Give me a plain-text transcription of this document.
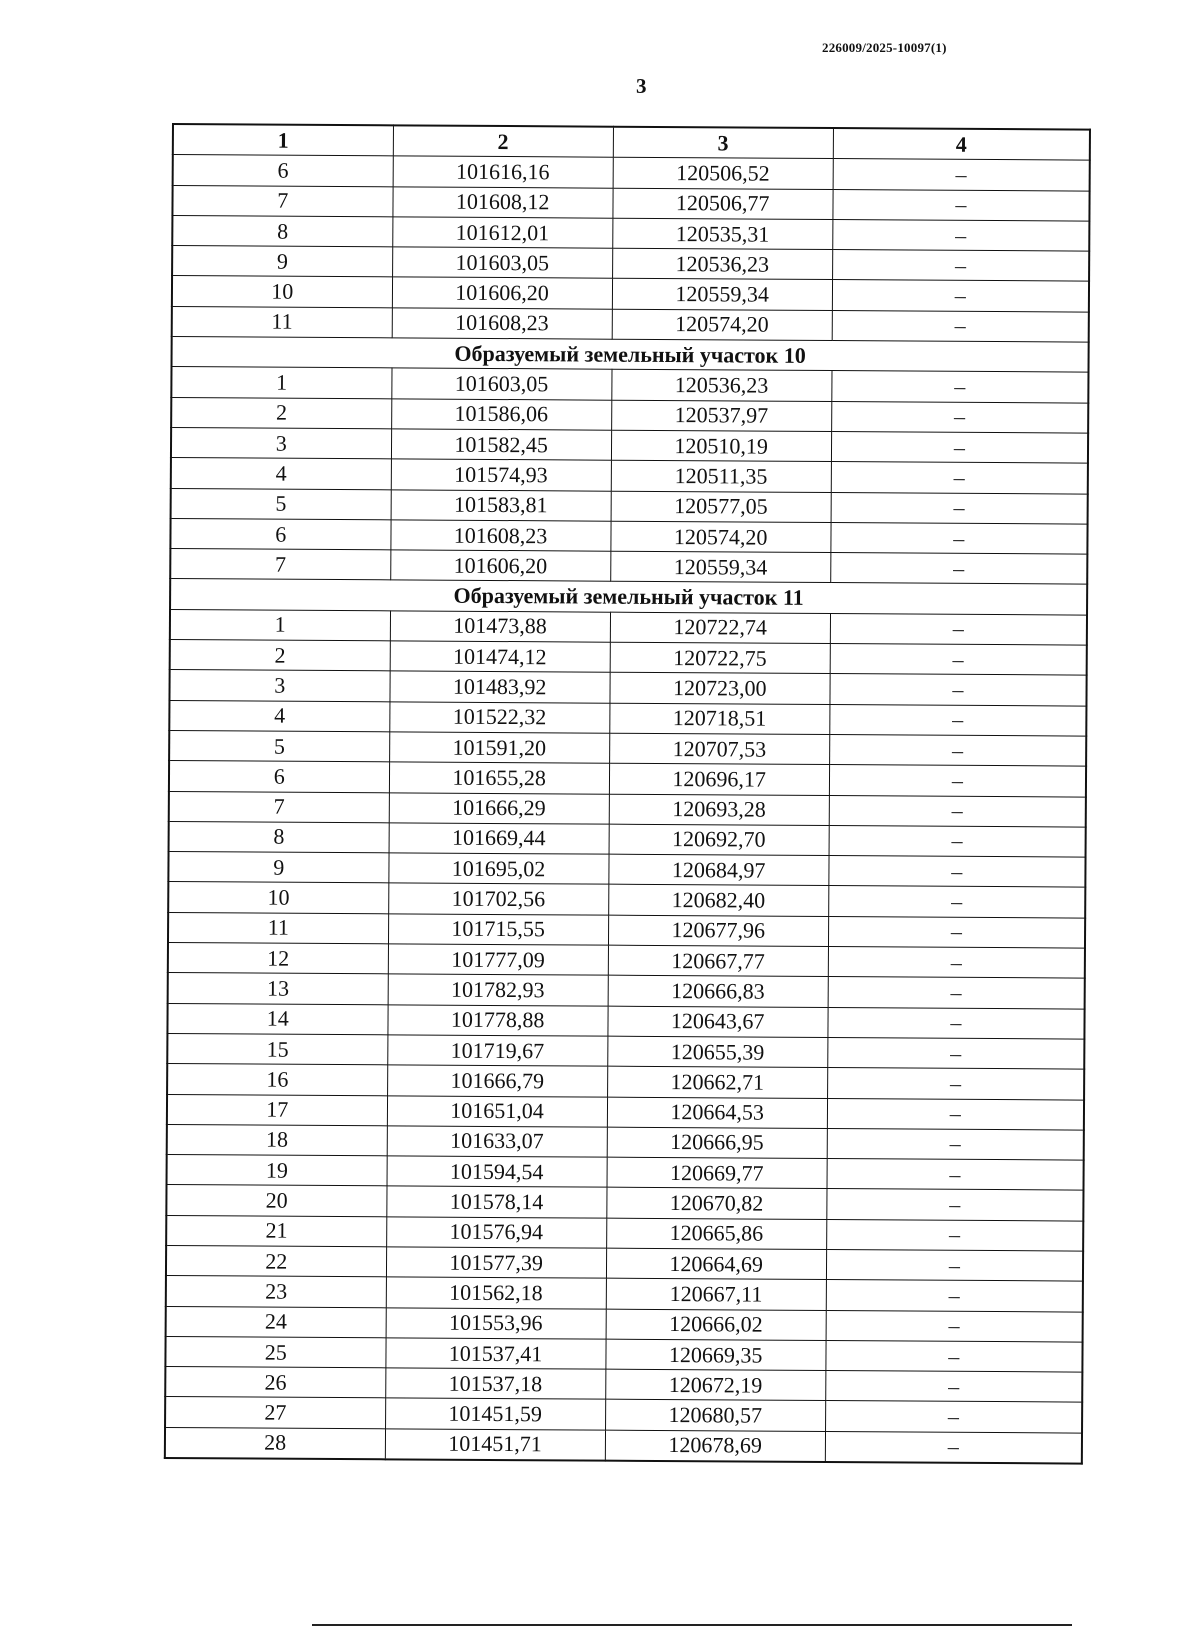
226009/2025-10097(1)
3
1	2	3	4
6	101616,16	120506,52	–
7	101608,12	120506,77	–
8	101612,01	120535,31	–
9	101603,05	120536,23	–
10	101606,20	120559,34	–
11	101608,23	120574,20	–
Образуемый земельный участок 10			
1	101603,05	120536,23	–
2	101586,06	120537,97	–
3	101582,45	120510,19	–
4	101574,93	120511,35	–
5	101583,81	120577,05	–
6	101608,23	120574,20	–
7	101606,20	120559,34	–
Образуемый земельный участок 11			
1	101473,88	120722,74	–
2	101474,12	120722,75	–
3	101483,92	120723,00	–
4	101522,32	120718,51	–
5	101591,20	120707,53	–
6	101655,28	120696,17	–
7	101666,29	120693,28	–
8	101669,44	120692,70	–
9	101695,02	120684,97	–
10	101702,56	120682,40	–
11	101715,55	120677,96	–
12	101777,09	120667,77	–
13	101782,93	120666,83	–
14	101778,88	120643,67	–
15	101719,67	120655,39	–
16	101666,79	120662,71	–
17	101651,04	120664,53	–
18	101633,07	120666,95	–
19	101594,54	120669,77	–
20	101578,14	120670,82	–
21	101576,94	120665,86	–
22	101577,39	120664,69	–
23	101562,18	120667,11	–
24	101553,96	120666,02	–
25	101537,41	120669,35	–
26	101537,18	120672,19	–
27	101451,59	120680,57	–
28	101451,71	120678,69	–
